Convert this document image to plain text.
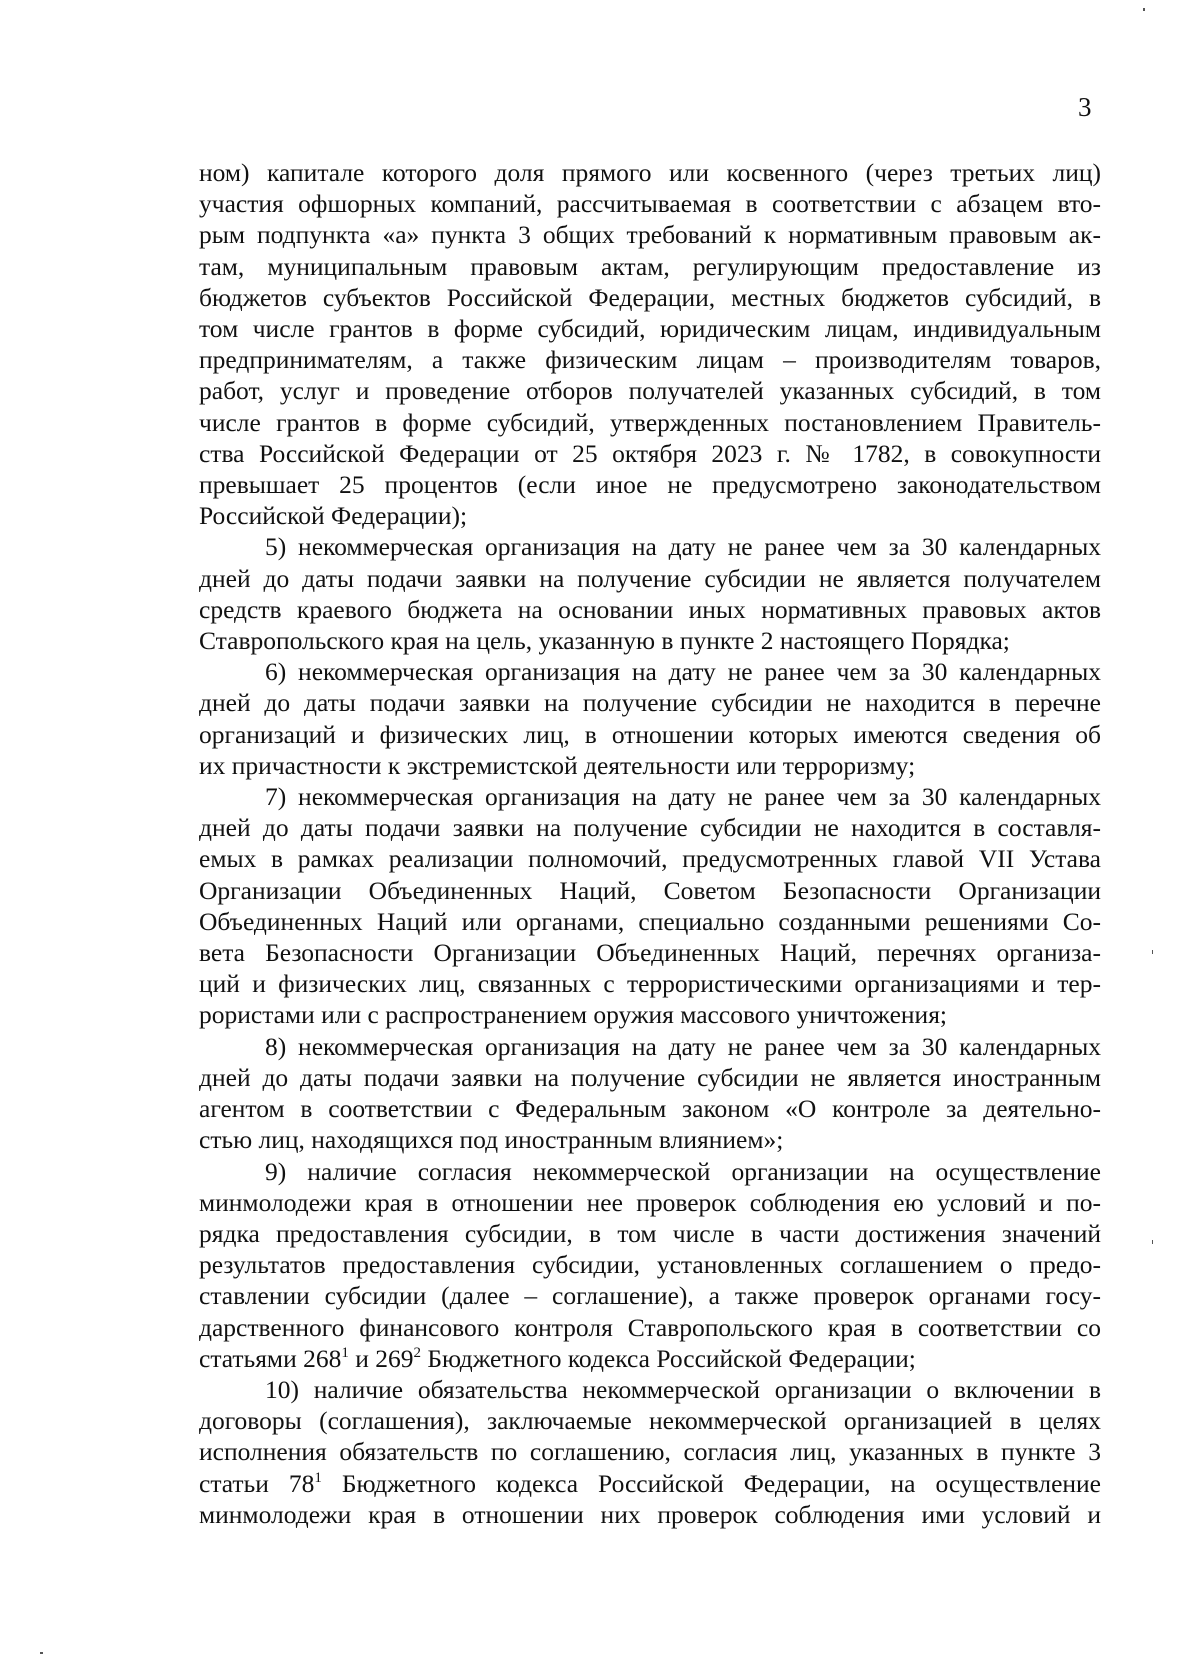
3
ном) капитале которого доля прямого или косвенного (через третьих лиц)
участия офшорных компаний, рассчитываемая в соответствии с абзацем вто-
рым подпункта «а» пункта 3 общих требований к нормативным правовым ак-
там, муниципальным правовым актам, регулирующим предоставление из
бюджетов субъектов Российской Федерации, местных бюджетов субсидий, в
том числе грантов в форме субсидий, юридическим лицам, индивидуальным
предпринимателям, а также физическим лицам – производителям товаров,
работ, услуг и проведение отборов получателей указанных субсидий, в том
числе грантов в форме субсидий, утвержденных постановлением Правитель-
ства Российской Федерации от 25 октября 2023 г. № 1782, в совокупности
превышает 25 процентов (если иное не предусмотрено законодательством
Российской Федерации);
5) некоммерческая организация на дату не ранее чем за 30 календарных
дней до даты подачи заявки на получение субсидии не является получателем
средств краевого бюджета на основании иных нормативных правовых актов
Ставропольского края на цель, указанную в пункте 2 настоящего Порядка;
6) некоммерческая организация на дату не ранее чем за 30 календарных
дней до даты подачи заявки на получение субсидии не находится в перечне
организаций и физических лиц, в отношении которых имеются сведения об
их причастности к экстремистской деятельности или терроризму;
7) некоммерческая организация на дату не ранее чем за 30 календарных
дней до даты подачи заявки на получение субсидии не находится в составля-
емых в рамках реализации полномочий, предусмотренных главой VII Устава
Организации Объединенных Наций, Советом Безопасности Организации
Объединенных Наций или органами, специально созданными решениями Со-
вета Безопасности Организации Объединенных Наций, перечнях организа-
ций и физических лиц, связанных с террористическими организациями и тер-
рористами или с распространением оружия массового уничтожения;
8) некоммерческая организация на дату не ранее чем за 30 календарных
дней до даты подачи заявки на получение субсидии не является иностранным
агентом в соответствии с Федеральным законом «О контроле за деятельно-
стью лиц, находящихся под иностранным влиянием»;
9) наличие согласия некоммерческой организации на осуществление
минмолодежи края в отношении нее проверок соблюдения ею условий и по-
рядка предоставления субсидии, в том числе в части достижения значений
результатов предоставления субсидии, установленных соглашением о предо-
ставлении субсидии (далее – соглашение), а также проверок органами госу-
дарственного финансового контроля Ставропольского края в соответствии со
статьями $268^1$ и $269^2$ Бюджетного кодекса Российской Федерации;
10) наличие обязательства некоммерческой организации о включении в
договоры (соглашения), заключаемые некоммерческой организацией в целях
исполнения обязательств по соглашению, согласия лиц, указанных в пункте 3
статьи $78^1$ Бюджетного кодекса Российской Федерации, на осуществление
минмолодежи края в отношении них проверок соблюдения ими условий и
